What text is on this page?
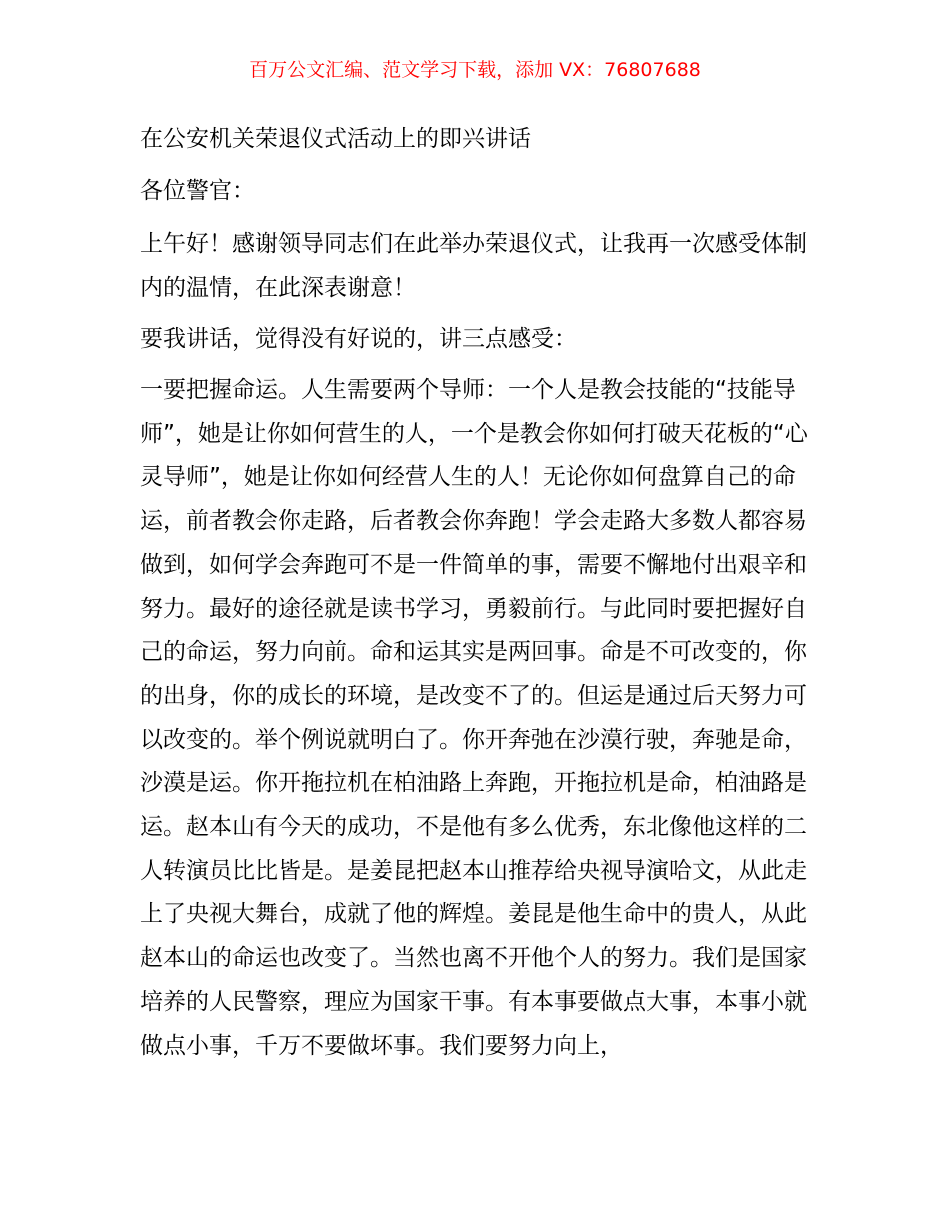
百万公文汇编、范文学习下载，添加 VX：76807688
在公安机关荣退仪式活动上的即兴讲话
各位警官：

上午好！感谢领导同志们在此举办荣退仪式，让我再一次感受体制内的温情，在此深表谢意！

要我讲话，觉得没有好说的，讲三点感受：

一要把握命运。人生需要两个导师：一个人是教会技能的“技能导师”，她是让你如何营生的人，一个是教会你如何打破天花板的“心灵导师”，她是让你如何经营人生的人！无论你如何盘算自己的命运，前者教会你走路，后者教会你奔跑！学会走路大多数人都容易做到，如何学会奔跑可不是一件简单的事，需要不懈地付出艰辛和努力。最好的途径就是读书学习，勇毅前行。与此同时要把握好自己的命运，努力向前。命和运其实是两回事。命是不可改变的，你的出身，你的成长的环境，是改变不了的。但运是通过后天努力可以改变的。举个例说就明白了。你开奔弛在沙漠行驶，奔驰是命，沙漠是运。你开拖拉机在柏油路上奔跑，开拖拉机是命，柏油路是运。赵本山有今天的成功，不是他有多么优秀，东北像他这样的二人转演员比比皆是。是姜昆把赵本山推荐给央视导演哈文，从此走上了央视大舞台，成就了他的辉煌。姜昆是他生命中的贵人，从此赵本山的命运也改变了。当然也离不开他个人的努力。我们是国家培养的人民警察，理应为国家干事。有本事要做点大事，本事小就做点小事，千万不要做坏事。我们要努力向上，
